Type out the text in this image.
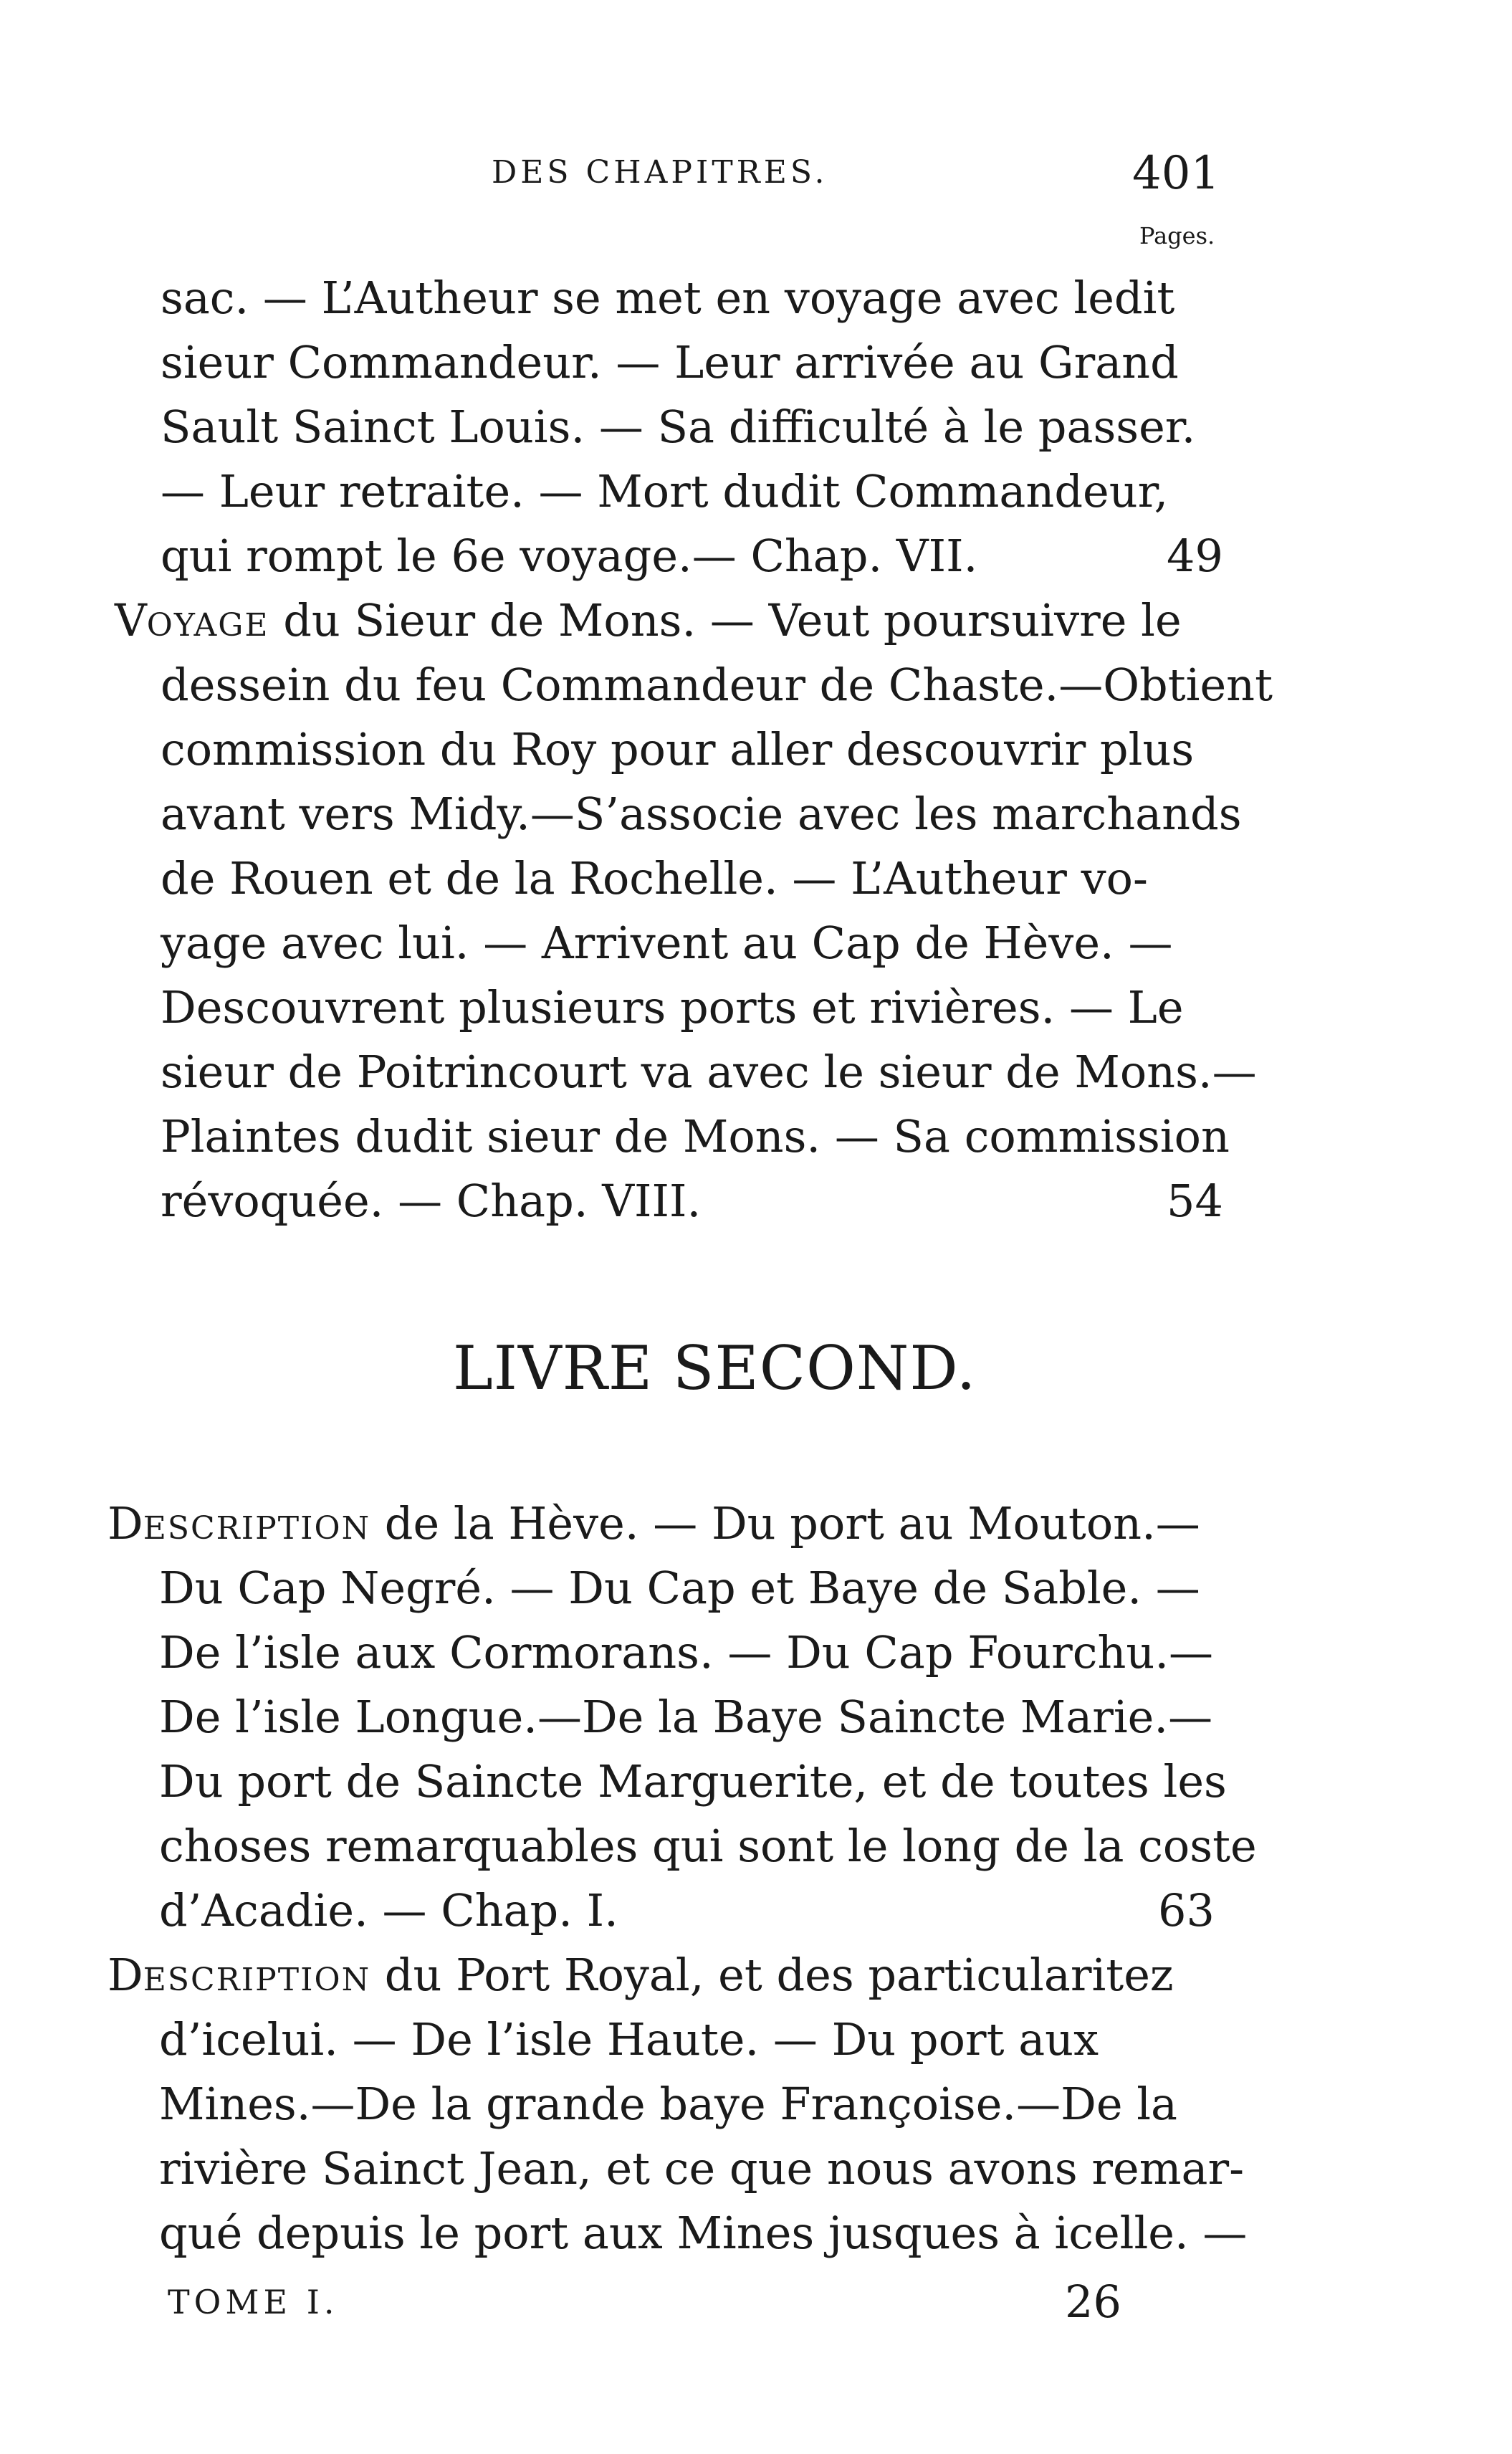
DES CHAPITRES.	401
Pages.
sac. — L’Autheur se met en voyage avec ledit
sieur Commandeur. — Leur arrivée au Grand
Sault Sainct Louis. — Sa difficulté à le passer.
— Leur retraite. — Mort dudit Commandeur,
qui rompt le 6e voyage.— Chap. VII.	49
VOYAGE du Sieur de Mons. — Veut poursuivre le
dessein du feu Commandeur de Chaste.—Obtient
commission du Roy pour aller descouvrir plus
avant vers Midy.—S’associe avec les marchands
de Rouen et de la Rochelle. — L’Autheur vo-
yage avec lui. — Arrivent au Cap de Hève. —
Descouvrent plusieurs ports et rivières. — Le
sieur de Poitrincourt va avec le sieur de Mons.—
Plaintes dudit sieur de Mons. — Sa commission
révoquée. — Chap. VIII.	54
LIVRE SECOND.
DESCRIPTION de la Hève. — Du port au Mouton.—
Du Cap Negré. — Du Cap et Baye de Sable. —
De l’isle aux Cormorans. — Du Cap Fourchu.—
De l’isle Longue.—De la Baye Saincte Marie.—
Du port de Saincte Marguerite, et de toutes les
choses remarquables qui sont le long de la coste
d’Acadie. — Chap. I.	63
DESCRIPTION du Port Royal, et des particularitez
d’icelui. — De l’isle Haute. — Du port aux
Mines.—De la grande baye Françoise.—De la
rivière Sainct Jean, et ce que nous avons remar-
qué depuis le port aux Mines jusques à icelle. —
TOME I.	26
